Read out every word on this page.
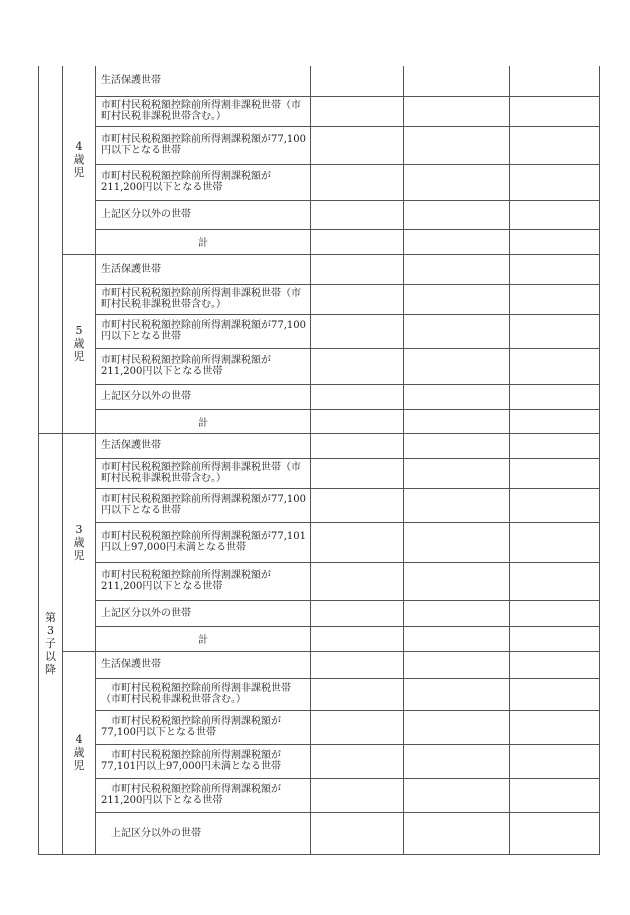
	4歳児	生活保護世帯			
		市町村民税税額控除前所得割非課税世帯（市町村民税非課税世帯含む。）			
		市町村民税税額控除前所得割課税額が77,100円以下となる世帯			
		市町村民税税額控除前所得割課税額が211,200円以下となる世帯			
		上記区分以外の世帯			
		計			
	5歳児	生活保護世帯			
		市町村民税税額控除前所得割非課税世帯（市町村民税非課税世帯含む。）			
		市町村民税税額控除前所得割課税額が77,100円以下となる世帯			
		市町村民税税額控除前所得割課税額が211,200円以下となる世帯			
		上記区分以外の世帯			
		計			
第3子以降	3歳児	生活保護世帯			
		市町村民税税額控除前所得割非課税世帯（市町村民税非課税世帯含む。）			
		市町村民税税額控除前所得割課税額が77,100円以下となる世帯			
		市町村民税税額控除前所得割課税額が77,101円以上97,000円未満となる世帯			
		市町村民税税額控除前所得割課税額が211,200円以下となる世帯			
		上記区分以外の世帯			
		計			
	4歳児	生活保護世帯			
		市町村民税税額控除前所得割非課税世帯（市町村民税非課税世帯含む。）			
		市町村民税税額控除前所得割課税額が77,100円以下となる世帯			
		市町村民税税額控除前所得割課税額が77,101円以上97,000円未満となる世帯			
		市町村民税税額控除前所得割課税額が211,200円以下となる世帯			
		上記区分以外の世帯			
